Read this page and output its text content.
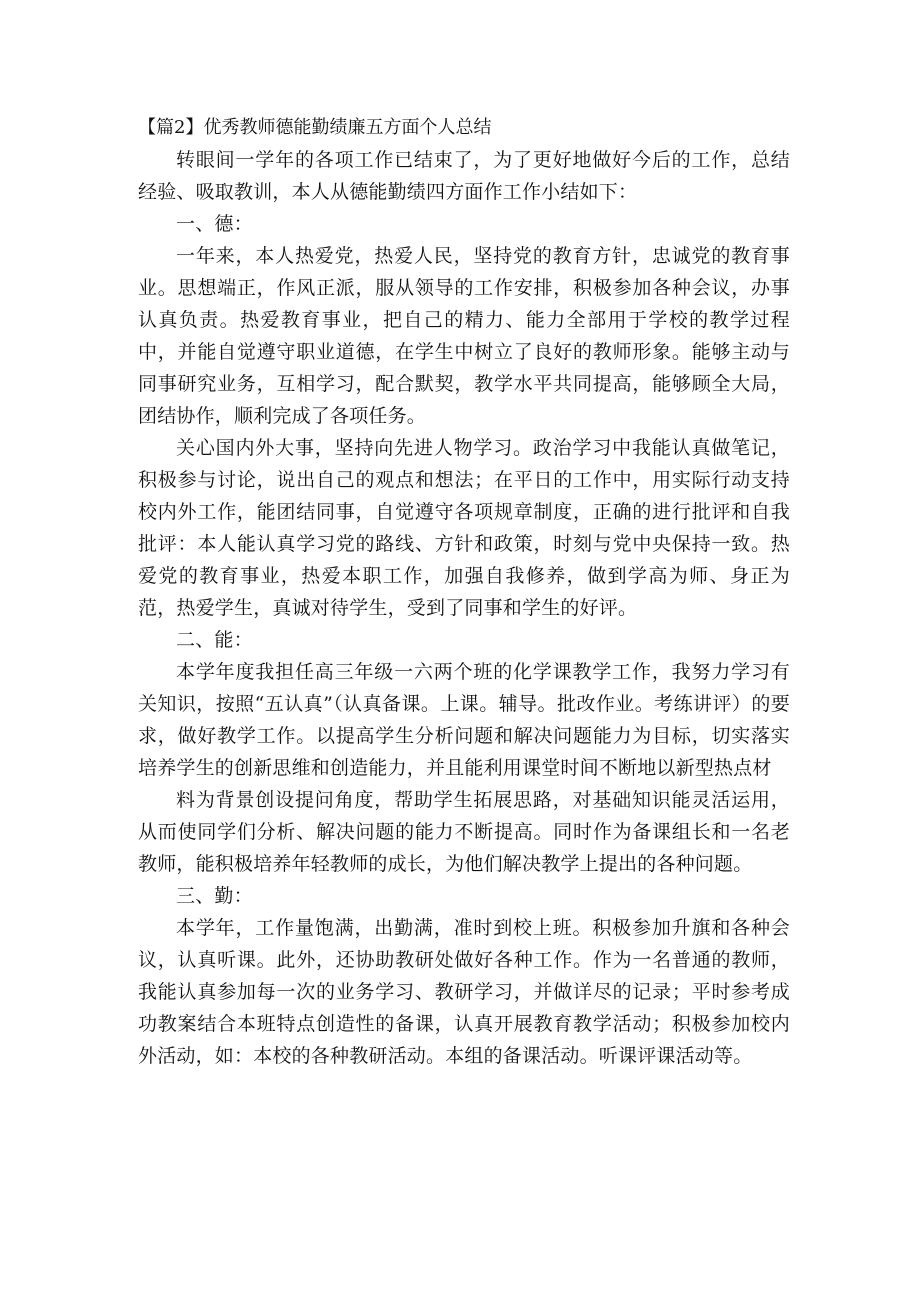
【篇2】优秀教师德能勤绩廉五方面个人总结

转眼间一学年的各项工作已结束了，为了更好地做好今后的工作，总结经验、吸取教训，本人从德能勤绩四方面作工作小结如下：

一、德：

一年来，本人热爱党，热爱人民，坚持党的教育方针，忠诚党的教育事业。思想端正，作风正派，服从领导的工作安排，积极参加各种会议，办事认真负责。热爱教育事业，把自己的精力、能力全部用于学校的教学过程中，并能自觉遵守职业道德，在学生中树立了良好的教师形象。能够主动与同事研究业务，互相学习，配合默契，教学水平共同提高，能够顾全大局，团结协作，顺利完成了各项任务。

关心国内外大事，坚持向先进人物学习。政治学习中我能认真做笔记，积极参与讨论，说出自己的观点和想法；在平日的工作中，用实际行动支持校内外工作，能团结同事，自觉遵守各项规章制度，正确的进行批评和自我批评：本人能认真学习党的路线、方针和政策，时刻与党中央保持一致。热爱党的教育事业，热爱本职工作，加强自我修养，做到学高为师、身正为范，热爱学生，真诚对待学生，受到了同事和学生的好评。

二、能：

本学年度我担任高三年级一六两个班的化学课教学工作，我努力学习有关知识，按照“五认真”（认真备课。上课。辅导。批改作业。考练讲评）的要求，做好教学工作。以提高学生分析问题和解决问题能力为目标，切实落实培养学生的创新思维和创造能力，并且能利用课堂时间不断地以新型热点材

料为背景创设提问角度，帮助学生拓展思路，对基础知识能灵活运用，从而使同学们分析、解决问题的能力不断提高。同时作为备课组长和一名老教师，能积极培养年轻教师的成长，为他们解决教学上提出的各种问题。

三、勤：

本学年，工作量饱满，出勤满，准时到校上班。积极参加升旗和各种会议，认真听课。此外，还协助教研处做好各种工作。作为一名普通的教师，我能认真参加每一次的业务学习、教研学习，并做详尽的记录；平时参考成功教案结合本班特点创造性的备课，认真开展教育教学活动；积极参加校内外活动，如：本校的各种教研活动。本组的备课活动。听课评课活动等。
